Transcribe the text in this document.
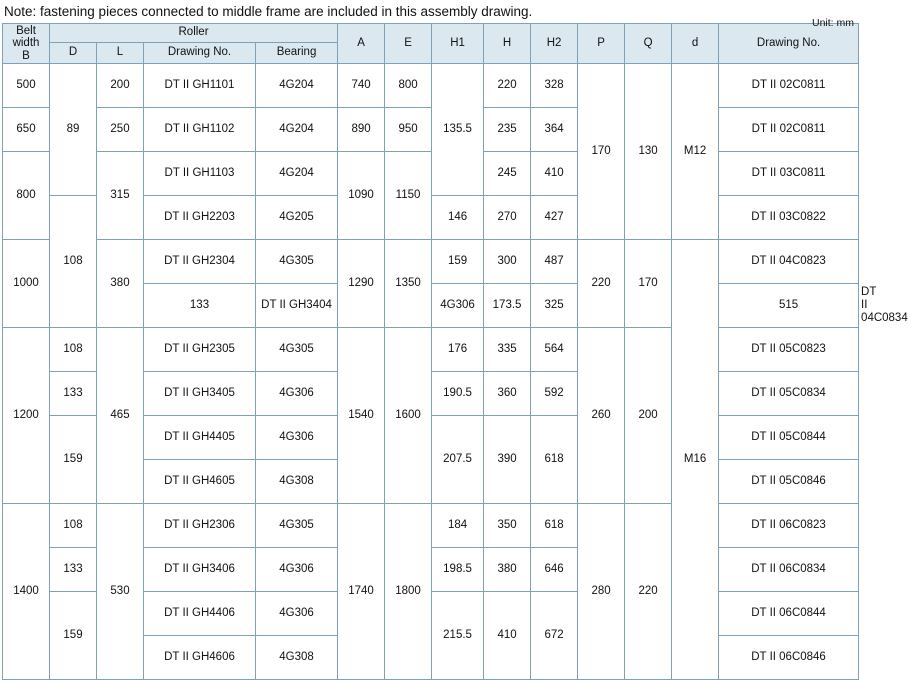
Note: fastening pieces connected to middle frame are included in this assembly drawing.
Unit: mm
Belt
width
B	Roller				A	E	H1	H	H2	P	Q	d	Drawing No.	
	D	L	Drawing No.	Bearing										
500	89	200	DT II GH1101	4G204	740	800	135.5	220	328	170	130	M12	DT II 02C0811	
650		250	DT II GH1102	4G204	890	950		235	364				DT II 02C0811	
800		315	DT II GH1103	4G204	1090	1150		245	410				DT II 03C0811	
	108		DT II GH2203	4G205			146	270	427				DT II 03C0822	
1000		380	DT II GH2304	4G305	1290	1350	159	300	487	220	170	M16	DT II 04C0823	
			133	DT II GH3404			4G306	173.5	325				515	DT II 04C0834
1200	108	465	DT II GH2305	4G305	1540	1600	176	335	564	260	200		DT II 05C0823	
	133		DT II GH3405	4G306			190.5	360	592				DT II 05C0834	
	159		DT II GH4405	4G306			207.5	390	618				DT II 05C0844	
			DT II GH4605	4G308									DT II 05C0846	
1400	108	530	DT II GH2306	4G305	1740	1800	184	350	618	280	220		DT II 06C0823	
	133		DT II GH3406	4G306			198.5	380	646				DT II 06C0834	
	159		DT II GH4406	4G306			215.5	410	672				DT II 06C0844	
			DT II GH4606	4G308									DT II 06C0846	
